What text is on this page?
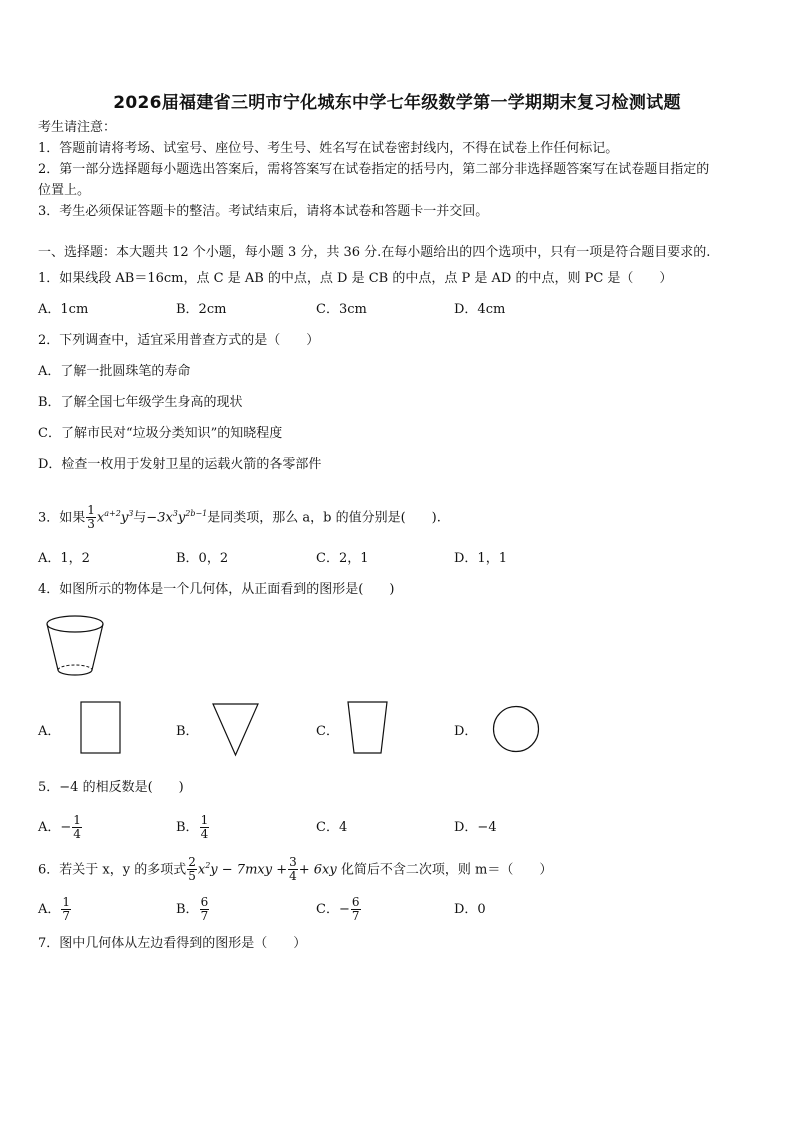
2026届福建省三明市宁化城东中学七年级数学第一学期期末复习检测试题
考生请注意：
1．答题前请将考场、试室号、座位号、考生号、姓名写在试卷密封线内，不得在试卷上作任何标记。
2．第一部分选择题每小题选出答案后，需将答案写在试卷指定的括号内，第二部分非选择题答案写在试卷题目指定的
位置上。
3．考生必须保证答题卡的整洁。考试结束后，请将本试卷和答题卡一并交回。
一、选择题：本大题共 12 个小题，每小题 3 分，共 36 分.在每小题给出的四个选项中，只有一项是符合题目要求的.
1．如果线段 AB＝16cm，点 C 是 AB 的中点，点 D 是 CB 的中点，点 P 是 AD 的中点，则 PC 是（　　）
A．1cm	B．2cm	C．3cm	D．4cm
2．下列调查中，适宜采用普查方式的是（　　）
A．了解一批圆珠笔的寿命
B．了解全国七年级学生身高的现状
C．了解市民对“垃圾分类知识”的知晓程度
D．检查一枚用于发射卫星的运载火箭的各零部件
3．如果 $\frac{1}{3} x^{a+2}y^3$与$-3x^3y^{2b-1}$是同类项，那么 a，b 的值分别是(　　).
A．1，2	B．0，2	C．2，1	D．1，1
4．如图所示的物体是一个几何体，从正面看到的图形是(　　)
A．	B．	C．	D．
5．−4 的相反数是(　　)
A．− $\frac{1}{4}$	B． $\frac{1}{4}$	C．4	D．−4
6．若关于 x，y 的多项式 $\frac{2}{5} x^2y - 7mxy + \frac{3}{4} + 6xy$ 化简后不含二次项，则 m＝（　　）
A． $\frac{1}{7}$	B． $\frac{6}{7}$	C．− $\frac{6}{7}$	D．0
7．图中几何体从左边看得到的图形是（　　）
